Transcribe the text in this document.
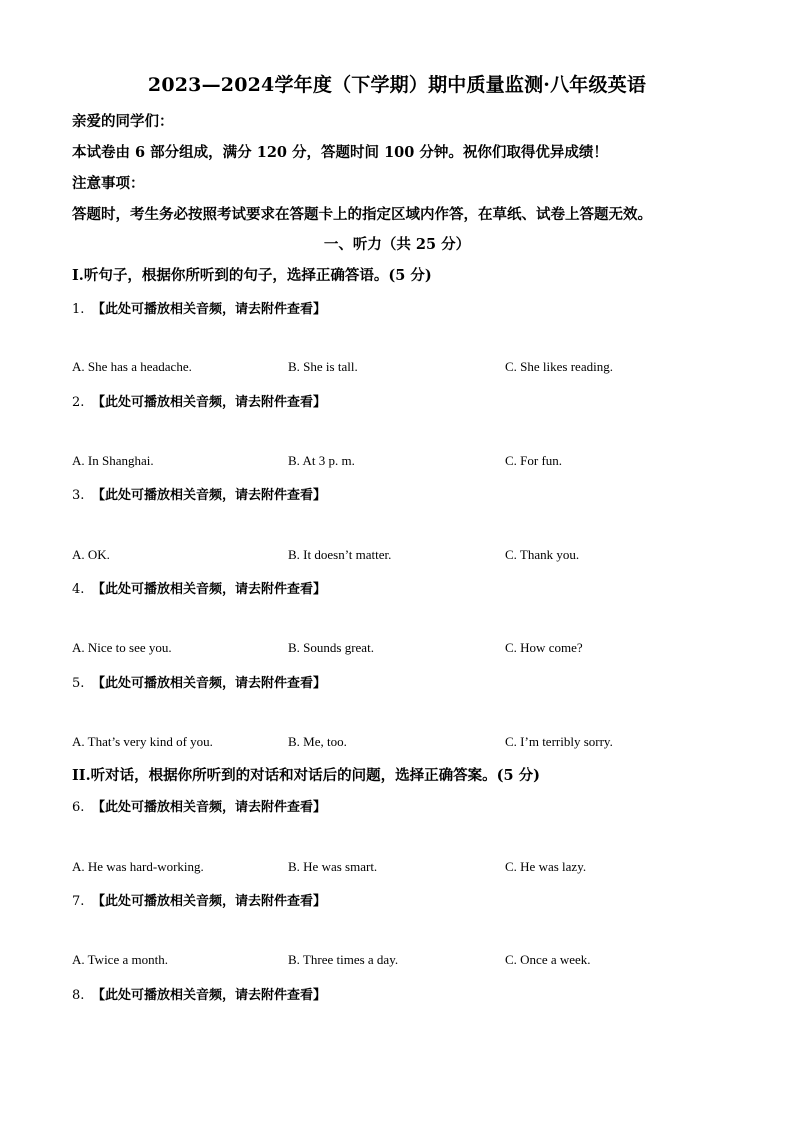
2023—2024学年度（下学期）期中质量监测·八年级英语
亲爱的同学们：
本试卷由 6 部分组成，满分 120 分，答题时间 100 分钟。祝你们取得优异成绩！
注意事项：
答题时，考生务必按照考试要求在答题卡上的指定区域内作答，在草纸、试卷上答题无效。
一、听力（共 25 分）
I.听句子，根据你所听到的句子，选择正确答语。(5 分)
1. 【此处可播放相关音频，请去附件查看】
A. She has a headache.	B. She is tall.	C. She likes reading.
2. 【此处可播放相关音频，请去附件查看】
A. In Shanghai.	B. At 3 p. m.	C. For fun.
3. 【此处可播放相关音频，请去附件查看】
A. OK.	B. It doesn’t matter.	C. Thank you.
4. 【此处可播放相关音频，请去附件查看】
A. Nice to see you.	B. Sounds great.	C. How come?
5. 【此处可播放相关音频，请去附件查看】
A. That’s very kind of you.	B. Me, too.	C. I’m terribly sorry.
II.听对话，根据你所听到的对话和对话后的问题，选择正确答案。(5 分)
6. 【此处可播放相关音频，请去附件查看】
A. He was hard-working.	B. He was smart.	C. He was lazy.
7. 【此处可播放相关音频，请去附件查看】
A. Twice a month.	B. Three times a day.	C. Once a week.
8. 【此处可播放相关音频，请去附件查看】
